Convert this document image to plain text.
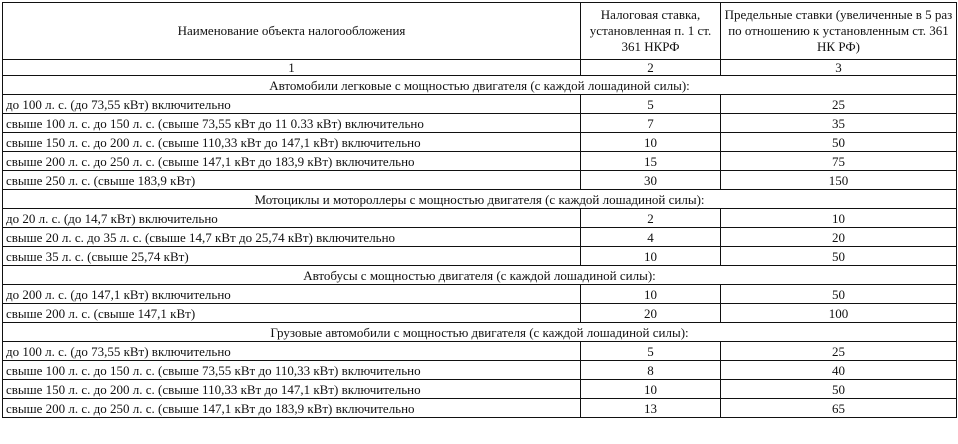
Наименование объекта налогообложения	Налоговая ставка, установленная п. 1 ст. 361 НКРФ	Предельные ставки (увеличенные в 5 раз по отношению к установленным ст. 361 НК РФ)
1	2	3
Автомобили легковые с мощностью двигателя (с каждой лошадиной силы):		
до 100 л. с. (до 73,55 кВт) включительно	5	25
свыше 100 л. с. до 150 л. с. (свыше 73,55 кВт до 11 0.33 кВт) включительно	7	35
свыше 150 л. с. до 200 л. с. (свыше 110,33 кВт до 147,1 кВт) включительно	10	50
свыше 200 л. с. до 250 л. с. (свыше 147,1 кВт до 183,9 кВт) включительно	15	75
свыше 250 л. с. (свыше 183,9 кВт)	30	150
Мотоциклы и мотороллеры с мощностью двигателя (с каждой лошадиной силы):		
до 20 л. с. (до 14,7 кВт) включительно	2	10
свыше 20 л. с. до 35 л. с. (свыше 14,7 кВт до 25,74 кВт) включительно	4	20
свыше 35 л. с. (свыше 25,74 кВт)	10	50
Автобусы с мощностью двигателя (с каждой лошадиной силы):		
до 200 л. с. (до 147,1 кВт) включительно	10	50
свыше 200 л. с. (свыше 147,1 кВт)	20	100
Грузовые автомобили с мощностью двигателя (с каждой лошадиной силы):		
до 100 л. с. (до 73,55 кВт) включительно	5	25
свыше 100 л. с. до 150 л. с. (свыше 73,55 кВт до 110,33 кВт) включительно	8	40
свыше 150 л. с. до 200 л. с. (свыше 110,33 кВт до 147,1 кВт) включительно	10	50
свыше 200 л. с. до 250 л. с. (свыше 147,1 кВт до 183,9 кВт) включительно	13	65
